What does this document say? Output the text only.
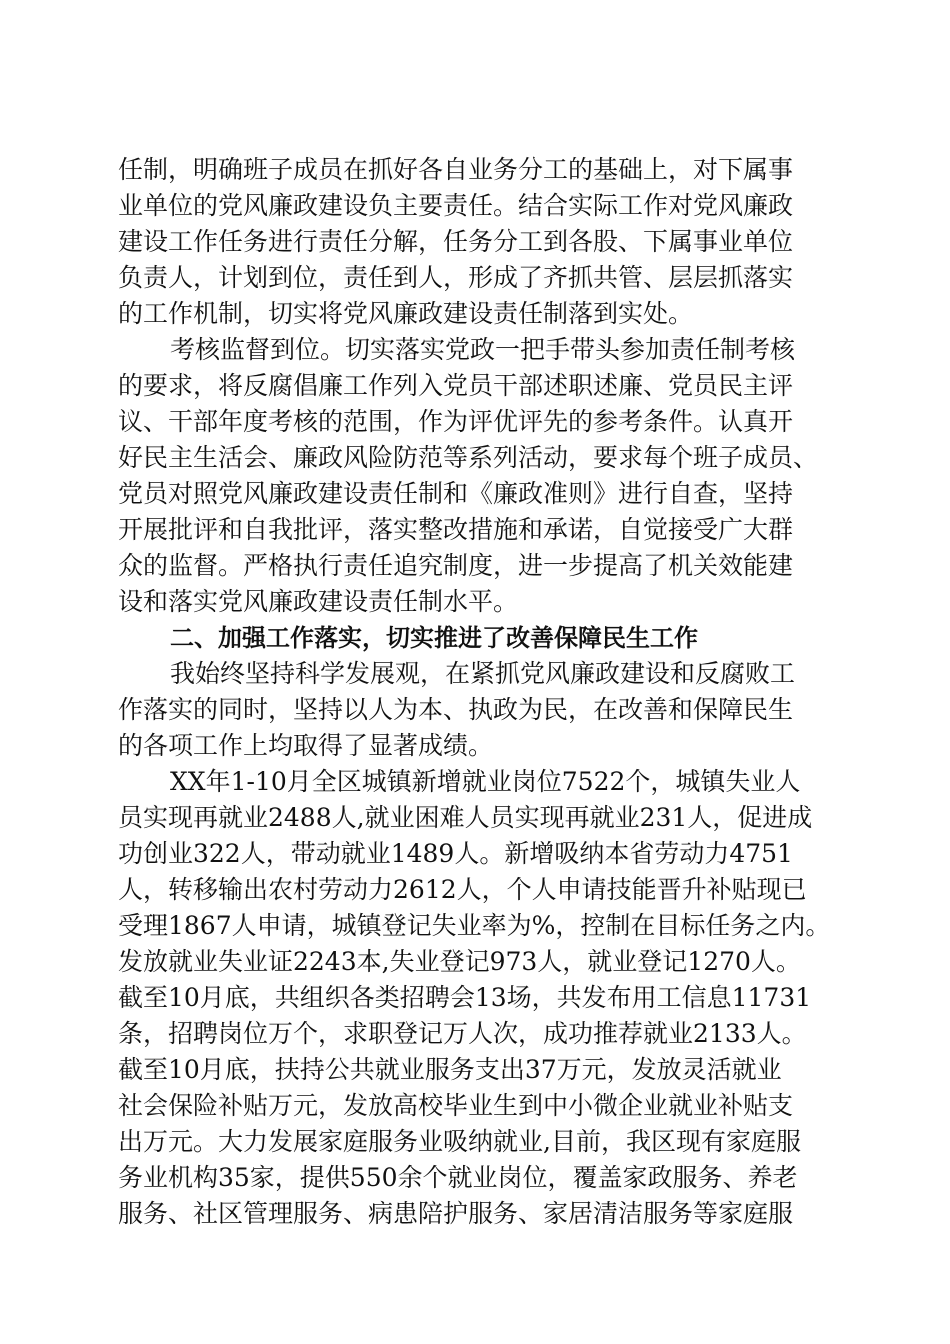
任制，明确班子成员在抓好各自业务分工的基础上，对下属事
业单位的党风廉政建设负主要责任。结合实际工作对党风廉政
建设工作任务进行责任分解，任务分工到各股、下属事业单位
负责人，计划到位，责任到人，形成了齐抓共管、层层抓落实
的工作机制，切实将党风廉政建设责任制落到实处。
考核监督到位。切实落实党政一把手带头参加责任制考核
的要求，将反腐倡廉工作列入党员干部述职述廉、党员民主评
议、干部年度考核的范围，作为评优评先的参考条件。认真开
好民主生活会、廉政风险防范等系列活动，要求每个班子成员、
党员对照党风廉政建设责任制和《廉政准则》进行自查，坚持
开展批评和自我批评，落实整改措施和承诺，自觉接受广大群
众的监督。严格执行责任追究制度，进一步提高了机关效能建
设和落实党风廉政建设责任制水平。
二、加强工作落实，切实推进了改善保障民生工作
我始终坚持科学发展观，在紧抓党风廉政建设和反腐败工
作落实的同时，坚持以人为本、执政为民，在改善和保障民生
的各项工作上均取得了显著成绩。
XX年1-10月全区城镇新增就业岗位7522个，城镇失业人
员实现再就业2488人,就业困难人员实现再就业231人，促进成
功创业322人，带动就业1489人。新增吸纳本省劳动力4751
人，转移输出农村劳动力2612人，个人申请技能晋升补贴现已
受理1867人申请，城镇登记失业率为%，控制在目标任务之内。
发放就业失业证2243本,失业登记973人，就业登记1270人。
截至10月底，共组织各类招聘会13场，共发布用工信息11731
条，招聘岗位万个，求职登记万人次，成功推荐就业2133人。
截至10月底，扶持公共就业服务支出37万元，发放灵活就业
社会保险补贴万元，发放高校毕业生到中小微企业就业补贴支
出万元。大力发展家庭服务业吸纳就业,目前，我区现有家庭服
务业机构35家，提供550余个就业岗位，覆盖家政服务、养老
服务、社区管理服务、病患陪护服务、家居清洁服务等家庭服
